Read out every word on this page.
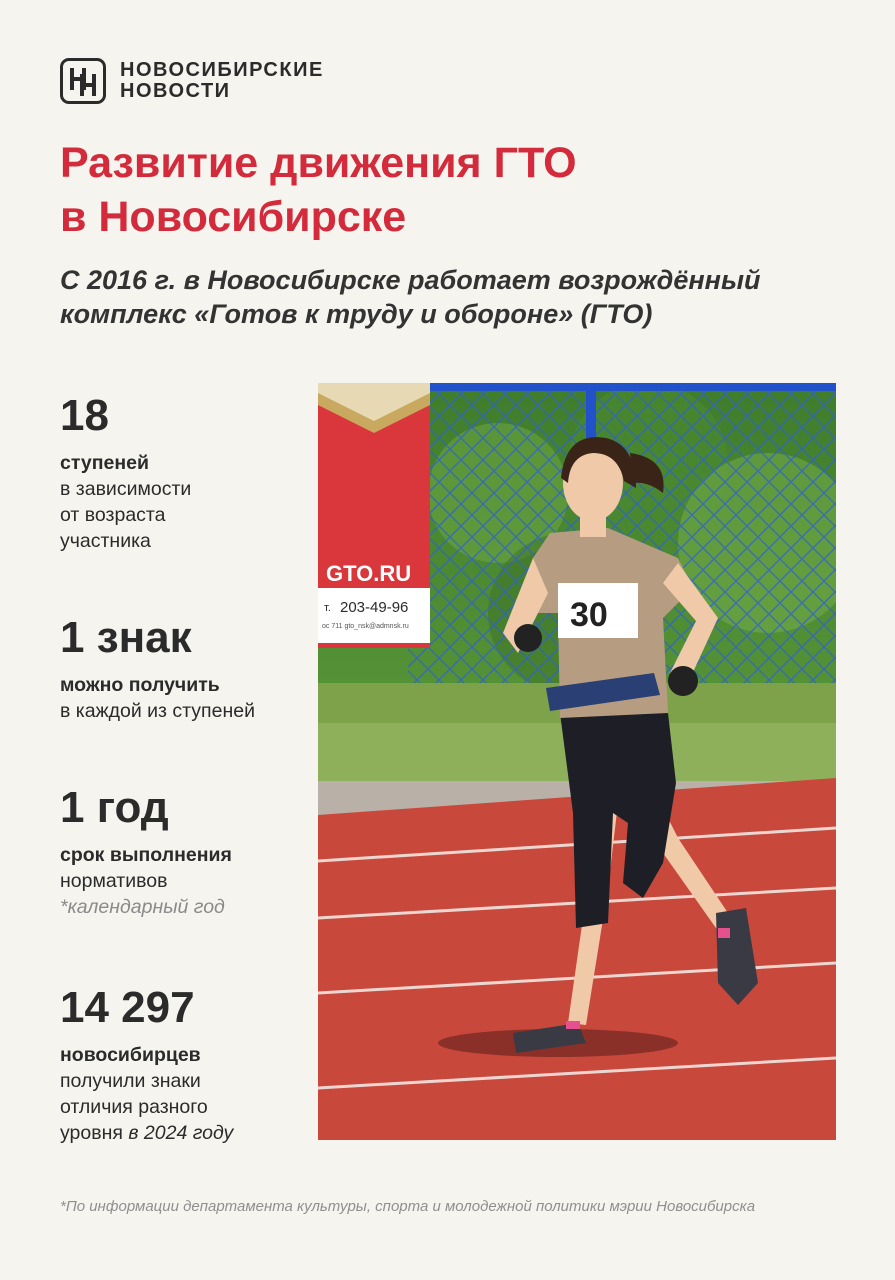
НОВОСИБИРСКИЕ
НОВОСТИ
Развитие движения ГТО
в Новосибирске
С 2016 г. в Новосибирске работает возрождённый
комплекс «Готов к труду и обороне» (ГТО)
18
ступеней
в зависимости
от возраста
участника
1 знак
можно получить
в каждой из ступеней
1 год
срок выполнения
нормативов
*календарный год
14 297
новосибирцев
получили знаки
отличия разного
уровня в 2024 году
GTO.RU
т. 203-49-96
ос 711 gto_nsk@admnsk.ru	30
*По информации департамента культуры, спорта и молодежной политики мэрии Новосибирска
